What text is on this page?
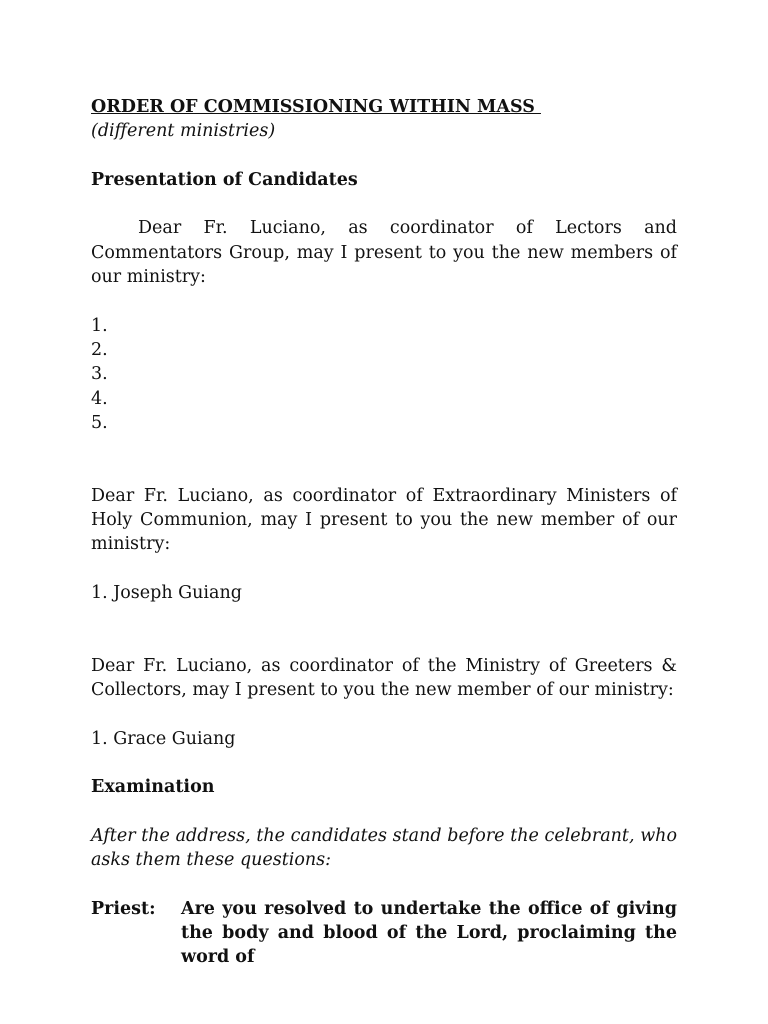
ORDER OF COMMISSIONING WITHIN MASS

(different ministries)

Presentation of Candidates

Dear Fr. Luciano, as coordinator of Lectors and Commentators Group, may I present to you the new members of our ministry:

1.

2.

3.

4.

5.

Dear Fr. Luciano, as coordinator of Extraordinary Ministers of Holy Communion, may I present to you the new member of our ministry:

1. Joseph Guiang

Dear Fr. Luciano, as coordinator of the Ministry of Greeters & Collectors, may I present to you the new member of our ministry:

1. Grace Guiang

Examination

After the address, the candidates stand before the celebrant, who asks them these questions:

Priest:	Are you resolved to undertake the office of giving the body and blood of the Lord, proclaiming the word of
